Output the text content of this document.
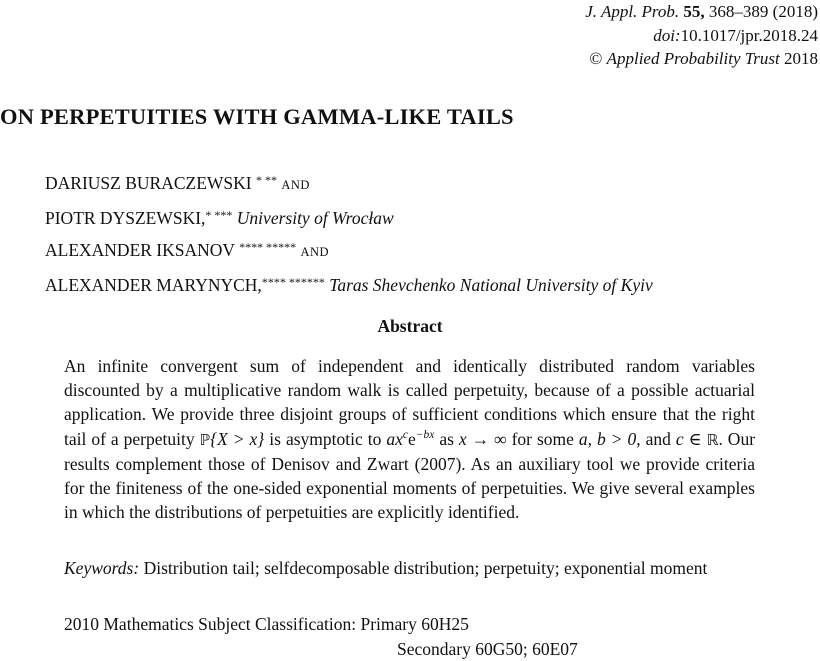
J. Appl. Prob. 55, 368–389 (2018)
doi:10.1017/jpr.2018.24
© Applied Probability Trust 2018
ON PERPETUITIES WITH GAMMA-LIKE TAILS
DARIUSZ BURACZEWSKI * ** AND
PIOTR DYSZEWSKI,* *** University of Wrocław
ALEXANDER IKSANOV **** ***** AND
ALEXANDER MARYNYCH,**** ****** Taras Shevchenko National University of Kyiv
Abstract

An infinite convergent sum of independent and identically distributed random variables discounted by a multiplicative random walk is called perpetuity, because of a possible actuarial application. We provide three disjoint groups of sufficient conditions which ensure that the right tail of a perpetuity ℙ{X > x} is asymptotic to $ax^ce^{-bx}$ as x → ∞ for some a, b > 0, and c ∈ ℝ. Our results complement those of Denisov and Zwart (2007). As an auxiliary tool we provide criteria for the finiteness of the one-sided exponential moments of perpetuities. We give several examples in which the distributions of perpetuities are explicitly identified.

Keywords: Distribution tail; selfdecomposable distribution; perpetuity; exponential moment
2010 Mathematics Subject Classification: Primary 60H25
Secondary 60G50; 60E07
